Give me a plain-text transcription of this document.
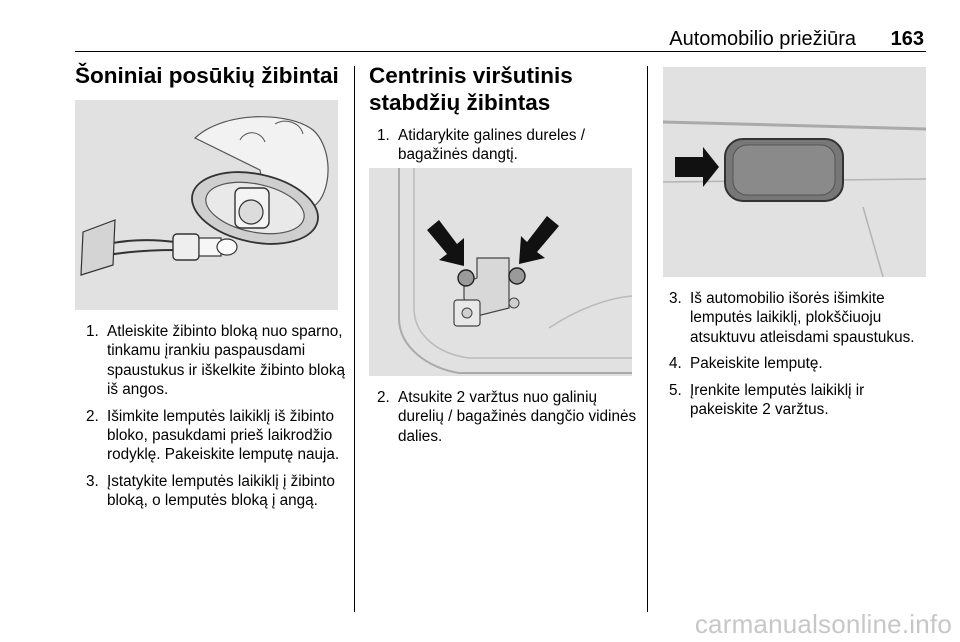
Automobilio priežiūra 163
Šoniniai posūkių žibintai
1. Atleiskite žibinto bloką nuo sparno, tinkamu įrankiu paspausdami spaustukus ir iškelkite žibinto bloką iš angos.
2. Išimkite lemputės laikiklį iš žibinto bloko, pasukdami prieš laikrodžio rodyklę. Pakeiskite lemputę nauja.
3. Įstatykite lemputės laikiklį į žibinto bloką, o lemputės bloką į angą.
Centrinis viršutinis stabdžių žibintas
1. Atidarykite galines dureles / bagažinės dangtį.
2. Atsukite 2 varžtus nuo galinių durelių / bagažinės dangčio vidinės dalies.
3. Iš automobilio išorės išimkite lemputės laikiklį, plokščiuoju atsuktuvu atleisdami spaustukus.
4. Pakeiskite lemputę.
5. Įrenkite lemputės laikiklį ir pakeiskite 2 varžtus.
carmanualsonline.info
